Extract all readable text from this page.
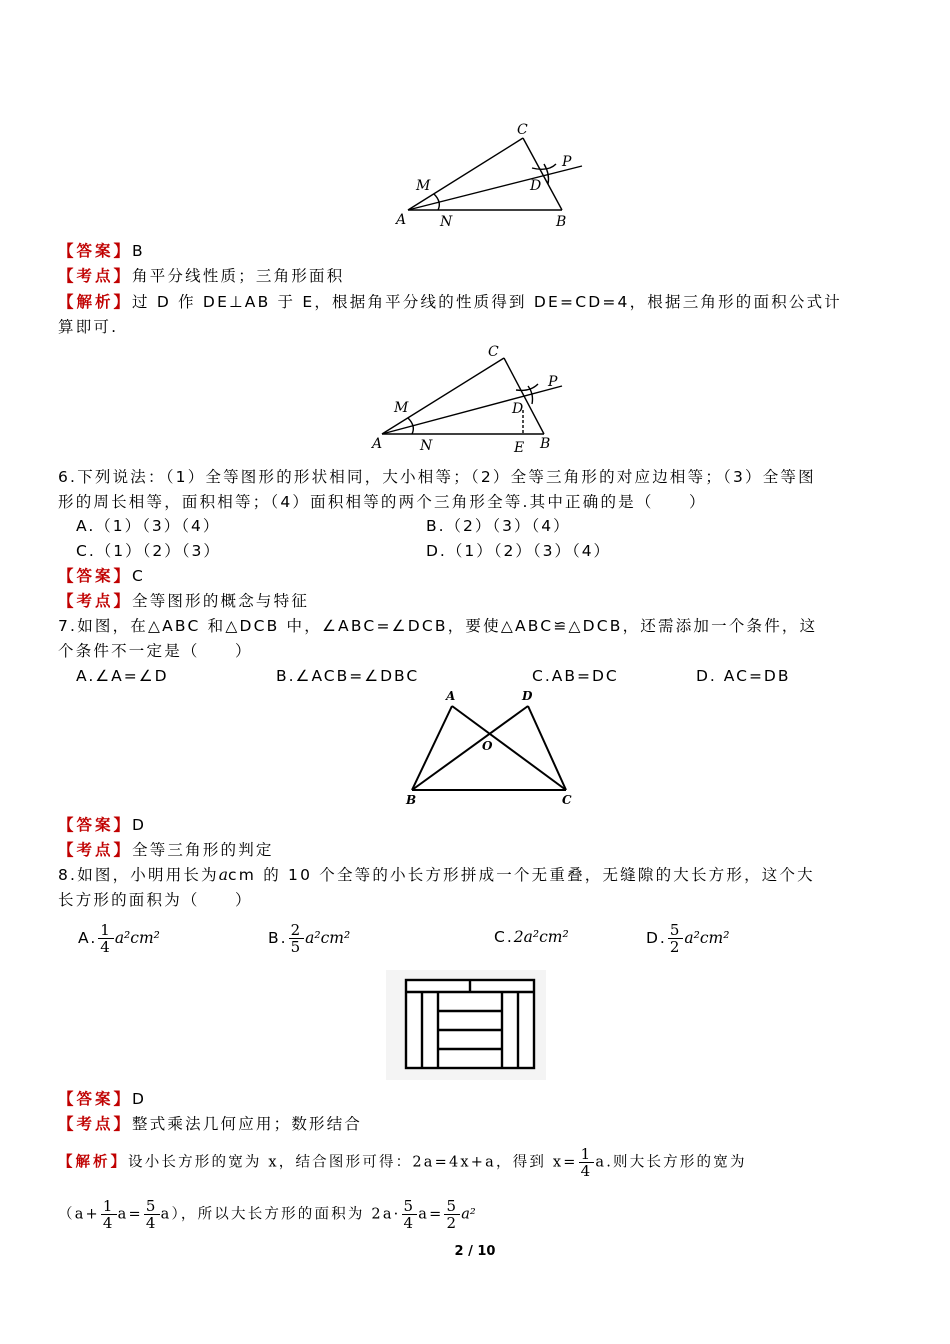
C
P
M	D
A N	B
【答案】B
【考点】角平分线性质；三角形面积
【解析】过 D 作 DE⊥AB 于 E，根据角平分线的性质得到 DE=CD=4，根据三角形的面积公式计
算即可.
C
P
M	D
A	N	E B
6.下列说法：（1）全等图形的形状相同，大小相等；（2）全等三角形的对应边相等；（3）全等图
形的周长相等，面积相等；（4）面积相等的两个三角形全等.其中正确的是（　　）
A.（1）（3）（4）	B.（2）（3）（4）
C.（1）（2）（3）	D.（1）（2）（3）（4）
【答案】C
【考点】全等图形的概念与特征
7.如图，在△ABC 和△DCB 中，∠ABC=∠DCB，要使△ABC≌△DCB，还需添加一个条件，这
个条件不一定是（　　）
A.∠A=∠D	B.∠ACB=∠DBC	C.AB=DC	D. AC=DB
A	D
O
B	C
【答案】D
【考点】全等三角形的判定
8.如图，小明用长为acm 的 10 个全等的小长方形拼成一个无重叠，无缝隙的大长方形，这个大
长方形的面积为（　　）
A. $\frac{1}{4} a^2cm^2$	B. $\frac{2}{5} a^2cm^2$	C.2a²cm²	D. $\frac{5}{2} a^2cm^2$
【答案】D
【考点】整式乘法几何应用；数形结合
【解析】设小长方形的宽为 x，结合图形可得：2a=4x+a，得到 $x= \frac{1}{4} a$.则大长方形的宽为
$(a+ \frac{1}{4} a= \frac{5}{4} a)$，所以大长方形的面积为 $2a\cdot \frac{5}{4} a= \frac{5}{2} a^2$
2 / 10
